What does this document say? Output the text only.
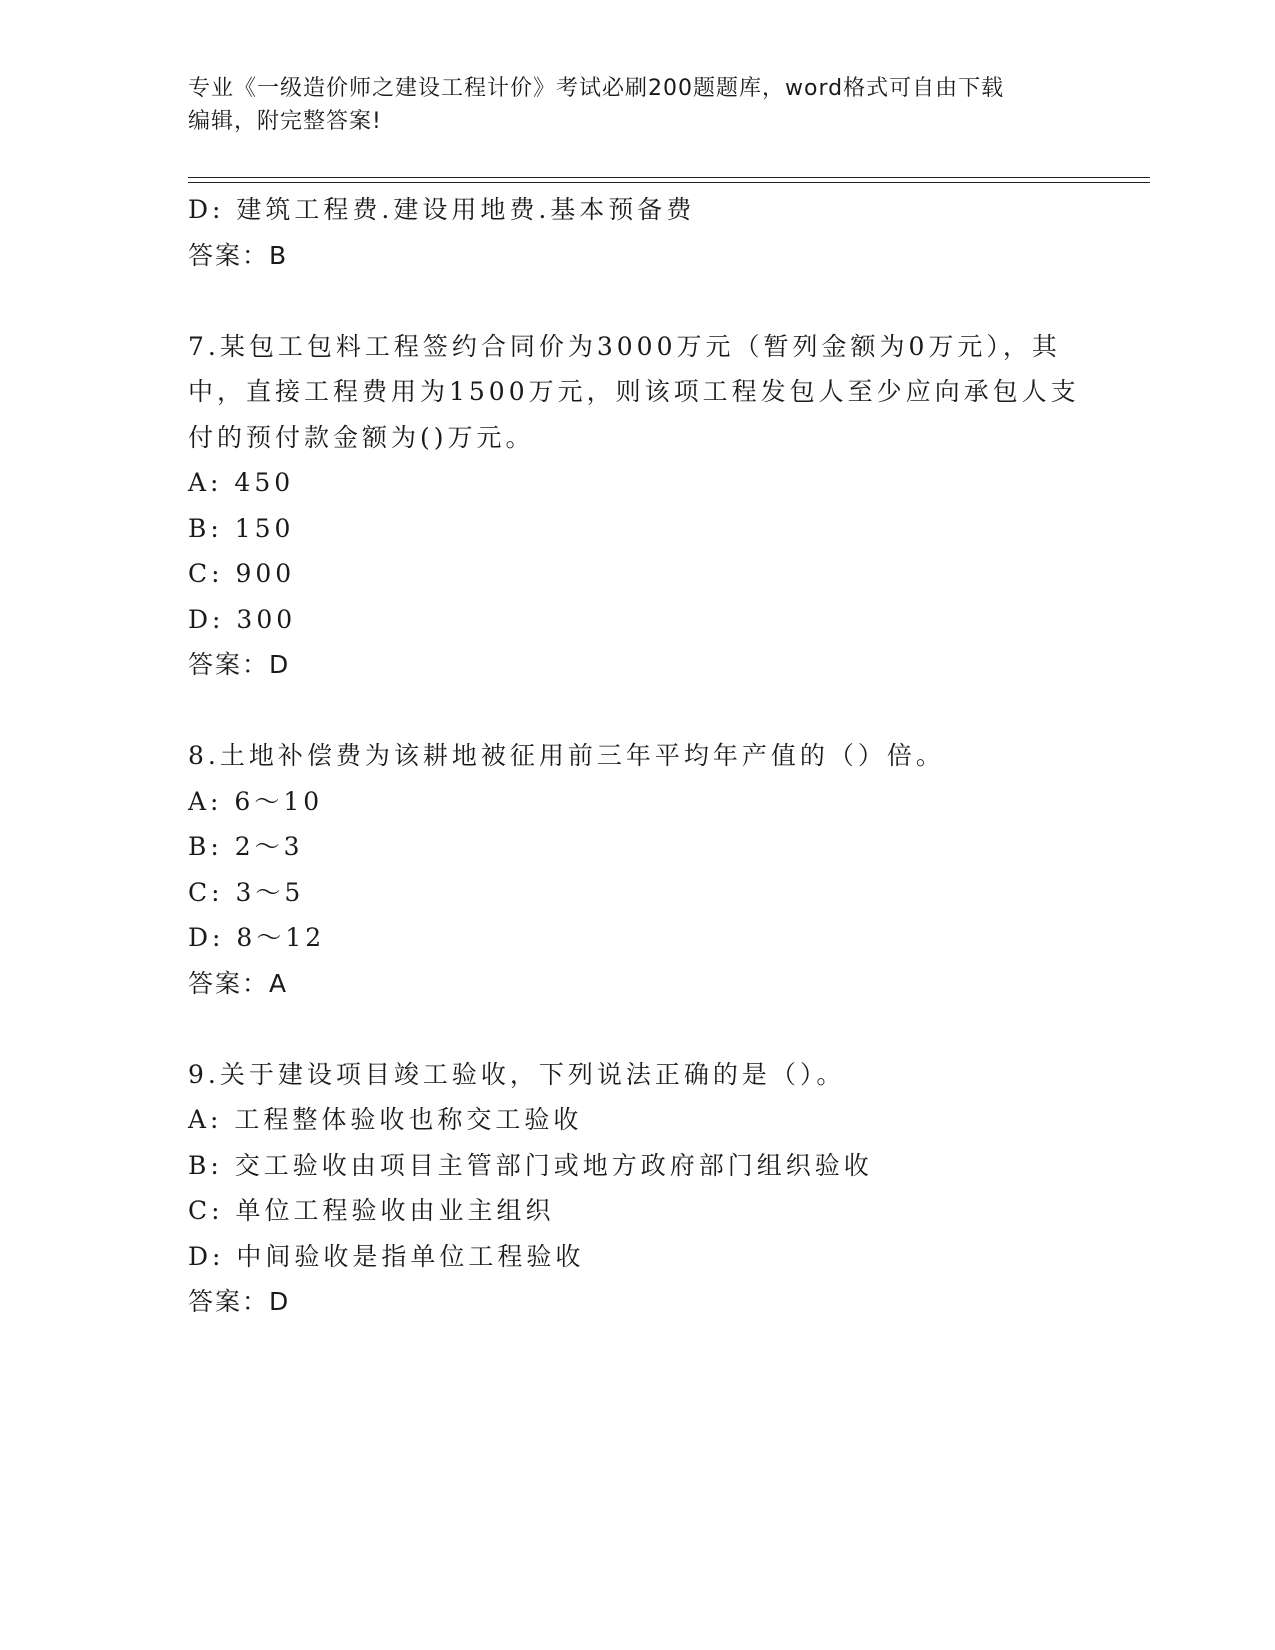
专业《一级造价师之建设工程计价》考试必刷200题题库，word格式可自由下载
编辑，附完整答案!
D: 建筑工程费.建设用地费.基本预备费
答案：B
7.某包工包料工程签约合同价为3000万元（暂列金额为0万元），其
中，直接工程费用为1500万元，则该项工程发包人至少应向承包人支
付的预付款金额为()万元。
A: 450
B: 150
C: 900
D: 300
答案：D
8.土地补偿费为该耕地被征用前三年平均年产值的（）倍。
A: 6～10
B: 2～3
C: 3～5
D: 8～12
答案：A
9.关于建设项目竣工验收，下列说法正确的是（）。
A: 工程整体验收也称交工验收
B: 交工验收由项目主管部门或地方政府部门组织验收
C: 单位工程验收由业主组织
D: 中间验收是指单位工程验收
答案：D
